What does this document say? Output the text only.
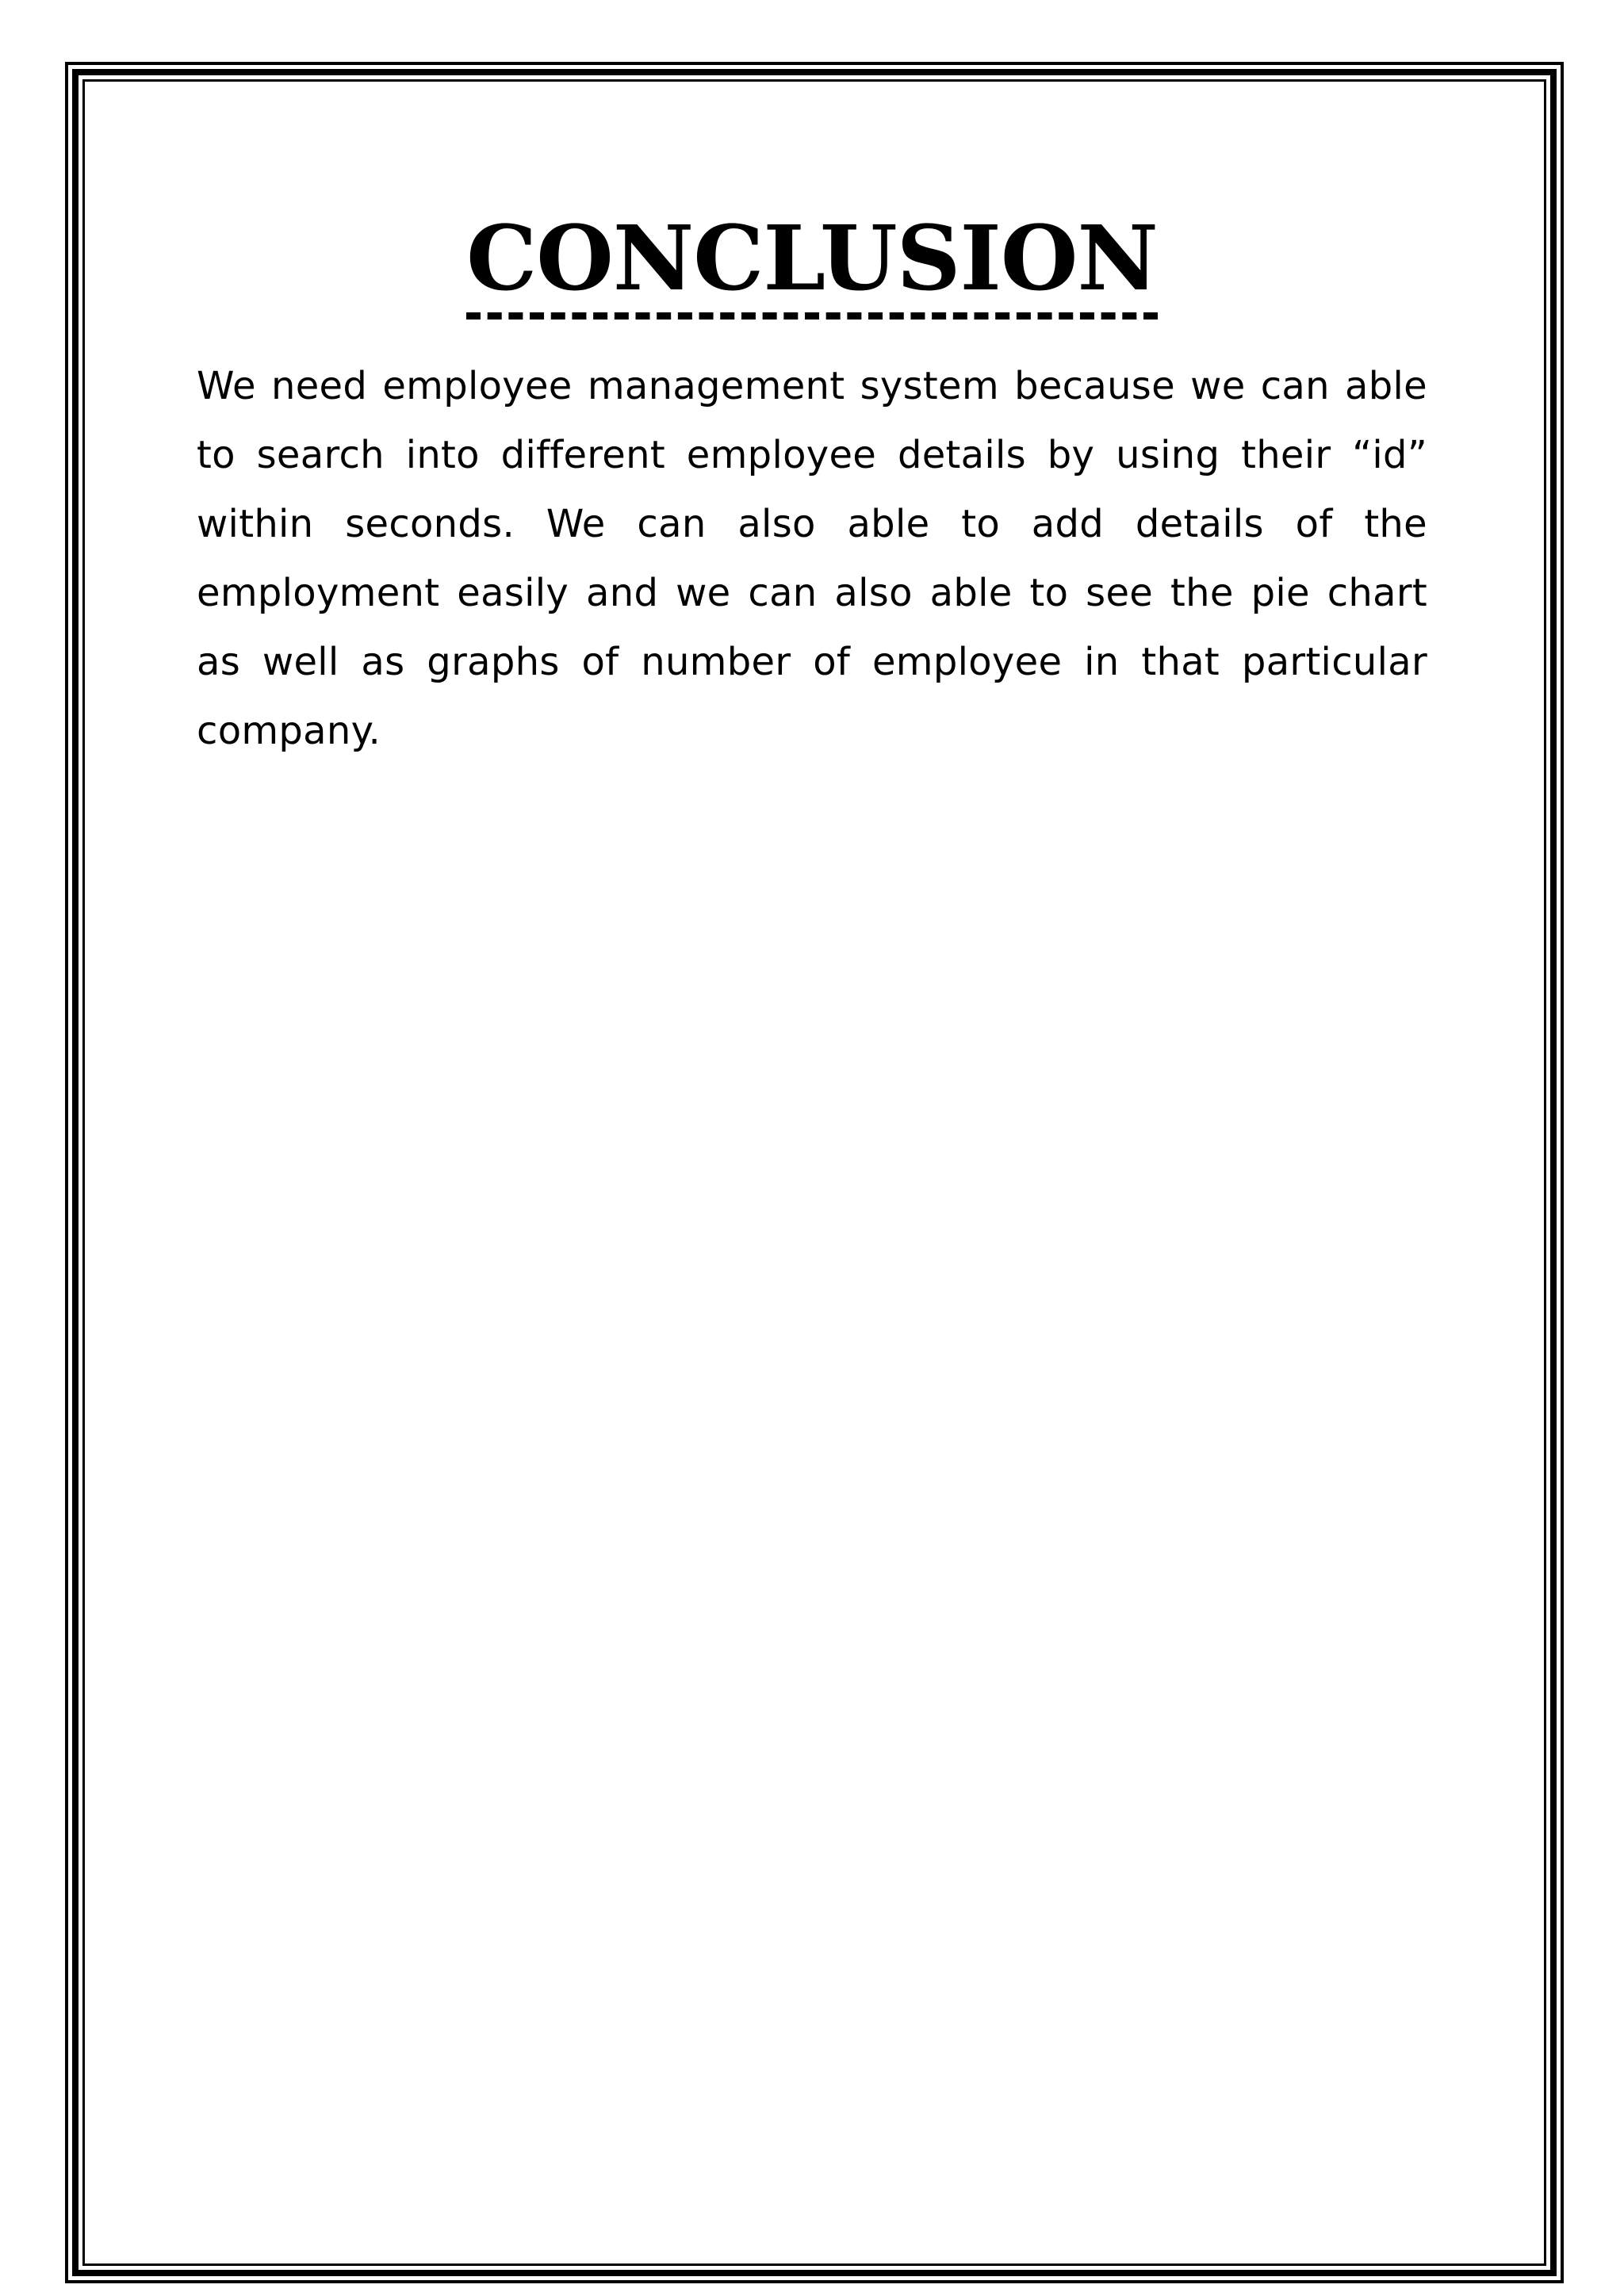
CONCLUSION

We need employee management system because we can able to search into different employee details by using their “id” within seconds. We can also able to add details of the employment easily and we can also able to see the pie chart as well as graphs of number of employee in that particular company.
